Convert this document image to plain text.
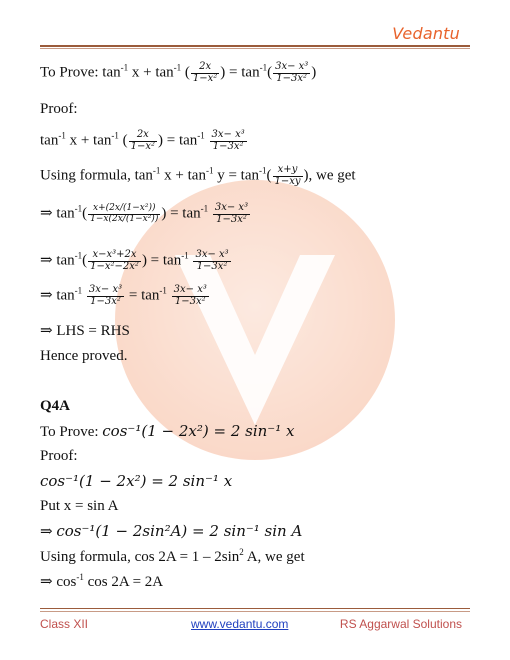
Vedantu
To Prove: $\tan^{-1} x + \tan^{-1}$ ( $\frac{2x}{\text{1−x²}}$ ) = $\tan^{-1}( \frac{\text{3x− x³}}{\text{1−3x²}}$ )
Proof:
$\tan^{-1} x + \tan^{-1}$ ( $\frac{2x}{\text{1−x²}}$ ) = $\tan^{-1} \frac{\text{3x− x³}}{\text{1−3x²}}$
Using formula, $\tan^{-1} x + \tan^{-1} y = \tan^{-1}( \frac{x+y}{1-xy}$ ), we get
⇒ $\tan^{-1}( \frac{\text{x+(2x/(1−x²))}}{\text{1−x(2x/(1−x²))}}$ ) = $\tan^{-1} \frac{\text{3x− x³}}{\text{1−3x²}}$
⇒ $\tan^{-1}( \frac{\text{x−x³+2x}}{\text{1−x²−2x²}}$ ) = $\tan^{-1} \frac{\text{3x− x³}}{\text{1−3x²}}$
⇒ $\tan^{-1} \frac{\text{3x− x³}}{\text{1−3x²}} = \tan^{-1} \frac{\text{3x− x³}}{\text{1−3x²}}$
⇒ LHS = RHS
Hence proved.
Q4A
To Prove: cos⁻¹(1 − 2x²) = 2 sin⁻¹ x
Proof:
cos⁻¹(1 − 2x²) = 2 sin⁻¹ x
Put x = sin A
⇒ cos⁻¹(1 − 2sin²A) = 2 sin⁻¹ sin A
Using formula, $\cos 2A = 1 - 2\sin^2$ A, we get
⇒ $\cos^{-1} \cos 2A = 2A$
Class XII	www.vedantu.com	RS Aggarwal Solutions
